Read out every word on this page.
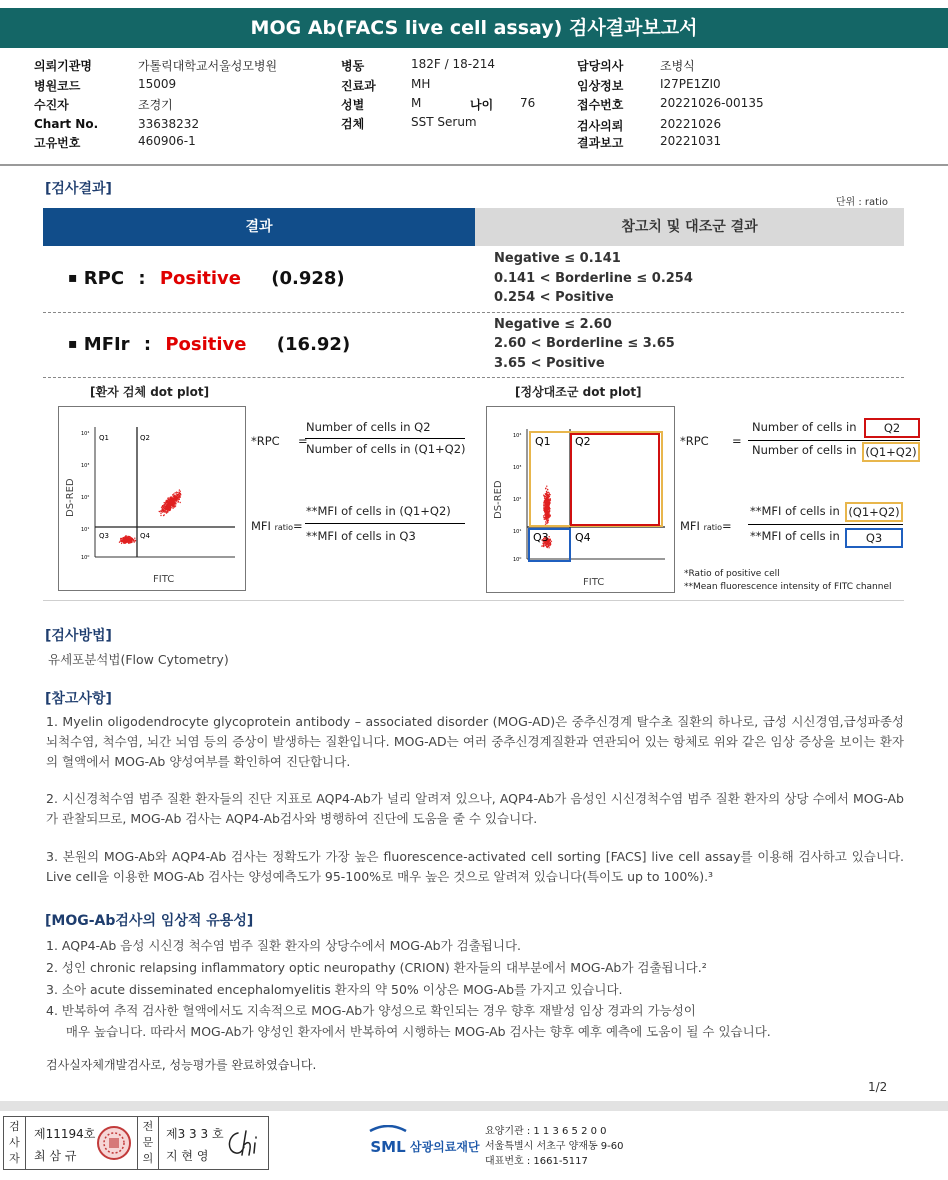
MOG Ab(FACS live cell assay) 검사결과보고서
의뢰기관명	가톨릭대학교서울성모병원
병원코드	15009
수진자	조경기
Chart No.	33638232
고유번호	460906-1
병동	182F / 18-214
진료과	MH
성별	M	나이 76
검체	SST Serum
담당의사	조병식
임상정보	I27PE1ZI0
접수번호	20221026-00135
검사의뢰	20221026
결과보고	20221031
[검사결과]
단위 : ratio
결과	참고치 및 대조군 결과
▪ RPC : Positive (0.928)
Negative ≤ 0.141
0.141 < Borderline ≤ 0.254
0.254 < Positive
▪ MFIr : Positive (16.92)
Negative ≤ 2.60
2.60 < Borderline ≤ 3.65
3.65 < Positive
[환자 검체 dot plot]
Q1	Q2
Q3	Q4
10⁴
10³
10²
10¹
10⁰
DS-RED
FITC
*RPC =
Number of cells in Q2
Number of cells in (Q1+Q2)
MFI ratio=
**MFI of cells in (Q1+Q2)
**MFI of cells in Q3
[정상대조군 dot plot]
Q1 Q2
Q3 Q4
10⁴
10³
10²
10¹
10⁰
DS-RED
FITC
*RPC =
Number of cells in	Q2
Number of cells in (Q1+Q2)
MFI ratio=
**MFI of cells in (Q1+Q2)
**MFI of cells in	Q3
*Ratio of positive cell
**Mean fluorescence intensity of FITC channel
[검사방법]
유세포분석법(Flow Cytometry)
[참고사항]
1. Myelin oligodendrocyte glycoprotein antibody – associated disorder (MOG-AD)은 중추신경계 탈수초 질환의 하나로, 급성 시신경염,급성파종성 뇌척수염, 척수염, 뇌간 뇌염 등의 증상이 발생하는 질환입니다. MOG-AD는 여러 중추신경계질환과 연관되어 있는 항체로 위와 같은 임상 증상을 보이는 환자의 혈액에서 MOG-Ab 양성여부를 확인하여 진단합니다.
2. 시신경척수염 범주 질환 환자들의 진단 지표로 AQP4-Ab가 널리 알려져 있으나, AQP4-Ab가 음성인 시신경척수염 범주 질환 환자의 상당 수에서 MOG-Ab가 관찰되므로, MOG-Ab 검사는 AQP4-Ab검사와 병행하여 진단에 도움을 줄 수 있습니다.
3. 본원의 MOG-Ab와 AQP4-Ab 검사는 정확도가 가장 높은 fluorescence-activated cell sorting [FACS] live cell assay를 이용해 검사하고 있습니다. Live cell을 이용한 MOG-Ab 검사는 양성예측도가 95-100%로 매우 높은 것으로 알려져 있습니다(특이도 up to 100%).³
[MOG-Ab검사의 임상적 유용성]
1. AQP4-Ab 음성 시신경 척수염 범주 질환 환자의 상당수에서 MOG-Ab가 검출됩니다.
2. 성인 chronic relapsing inflammatory optic neuropathy (CRION) 환자들의 대부분에서 MOG-Ab가 검출됩니다.²
3. 소아 acute disseminated encephalomyelitis 환자의 약 50% 이상은 MOG-Ab를 가지고 있습니다.
4. 반복하여 추적 검사한 혈액에서도 지속적으로 MOG-Ab가 양성으로 확인되는 경우 향후 재발성 임상 경과의 가능성이
매우 높습니다. 따라서 MOG-Ab가 양성인 환자에서 반복하여 시행하는 MOG-Ab 검사는 향후 예후 예측에 도움이 될 수 있습니다.
검사실자체개발검사로, 성능평가를 완료하였습니다.
1/2
검
사
자
제11194호
최 삼 규
전
문
의
제3 3 3 호
지 현 영	SML 삼광의료재단
요양기관 : 1 1 3 6 5 2 0 0
서울특별시 서초구 양재동 9-60
대표번호 : 1661-5117
